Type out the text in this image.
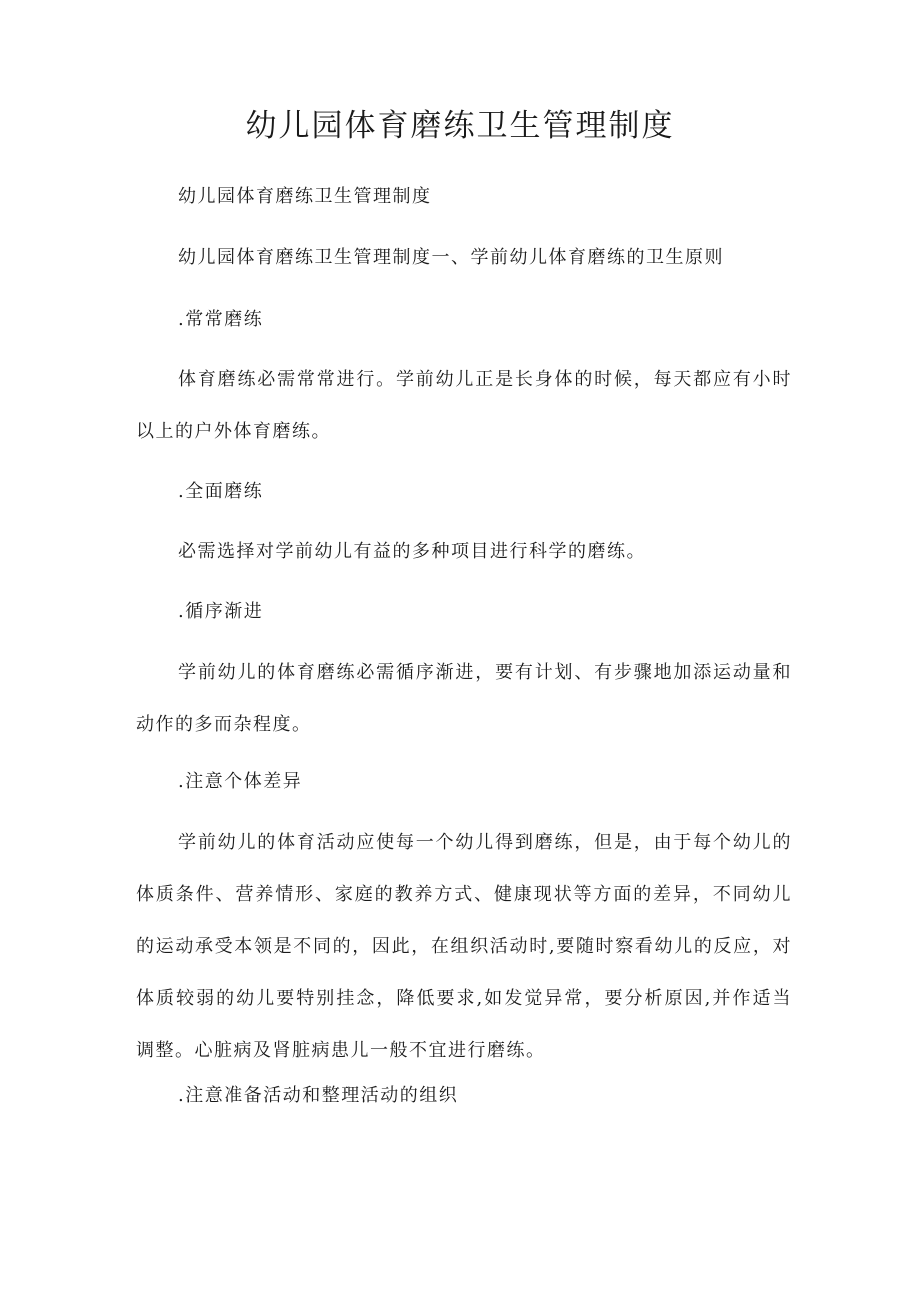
幼儿园体育磨练卫生管理制度

幼儿园体育磨练卫生管理制度

幼儿园体育磨练卫生管理制度一、学前幼儿体育磨练的卫生原则

.常常磨练

体育磨练必需常常进行。学前幼儿正是长身体的时候，每天都应有小时以上的户外体育磨练。

.全面磨练

必需选择对学前幼儿有益的多种项目进行科学的磨练。

.循序渐进

学前幼儿的体育磨练必需循序渐进，要有计划、有步骤地加添运动量和动作的多而杂程度。

.注意个体差异

学前幼儿的体育活动应使每一个幼儿得到磨练，但是，由于每个幼儿的体质条件、营养情形、家庭的教养方式、健康现状等方面的差异，不同幼儿的运动承受本领是不同的，因此，在组织活动时,要随时察看幼儿的反应，对体质较弱的幼儿要特别挂念，降低要求,如发觉异常，要分析原因,并作适当调整。心脏病及肾脏病患儿一般不宜进行磨练。

.注意准备活动和整理活动的组织
